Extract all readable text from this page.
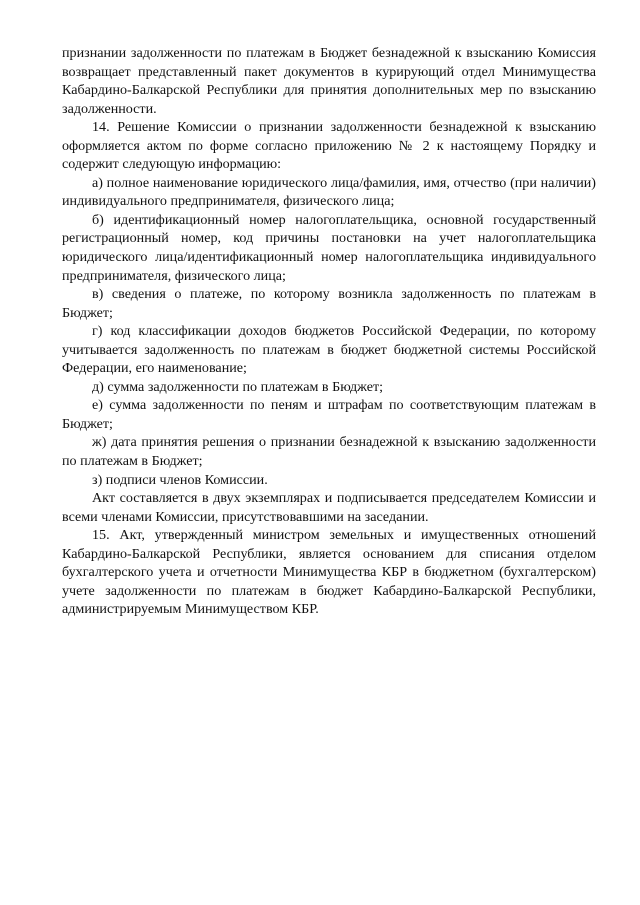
признании задолженности по платежам в Бюджет безнадежной к взысканию Комиссия возвращает представленный пакет документов в курирующий отдел Минимущества Кабардино-Балкарской Республики для принятия дополнительных мер по взысканию задолженности.

14. Решение Комиссии о признании задолженности безнадежной к взысканию оформляется актом по форме согласно приложению № 2 к настоящему Порядку и содержит следующую информацию:

а) полное наименование юридического лица/фамилия, имя, отчество (при наличии) индивидуального предпринимателя, физического лица;

б) идентификационный номер налогоплательщика, основной государственный регистрационный номер, код причины постановки на учет налогоплательщика юридического лица/идентификационный номер налогоплательщика индивидуального предпринимателя, физического лица;

в) сведения о платеже, по которому возникла задолженность по платежам в Бюджет;

г) код классификации доходов бюджетов Российской Федерации, по которому учитывается задолженность по платежам в бюджет бюджетной системы Российской Федерации, его наименование;

д) сумма задолженности по платежам в Бюджет;

е) сумма задолженности по пеням и штрафам по соответствующим платежам в Бюджет;

ж) дата принятия решения о признании безнадежной к взысканию задолженности по платежам в Бюджет;

з) подписи членов Комиссии.

Акт составляется в двух экземплярах и подписывается председателем Комиссии и всеми членами Комиссии, присутствовавшими на заседании.

15. Акт, утвержденный министром земельных и имущественных отношений Кабардино-Балкарской Республики, является основанием для списания отделом бухгалтерского учета и отчетности Минимущества КБР в бюджетном (бухгалтерском) учете задолженности по платежам в бюджет Кабардино-Балкарской Республики, администрируемым Минимуществом КБР.
